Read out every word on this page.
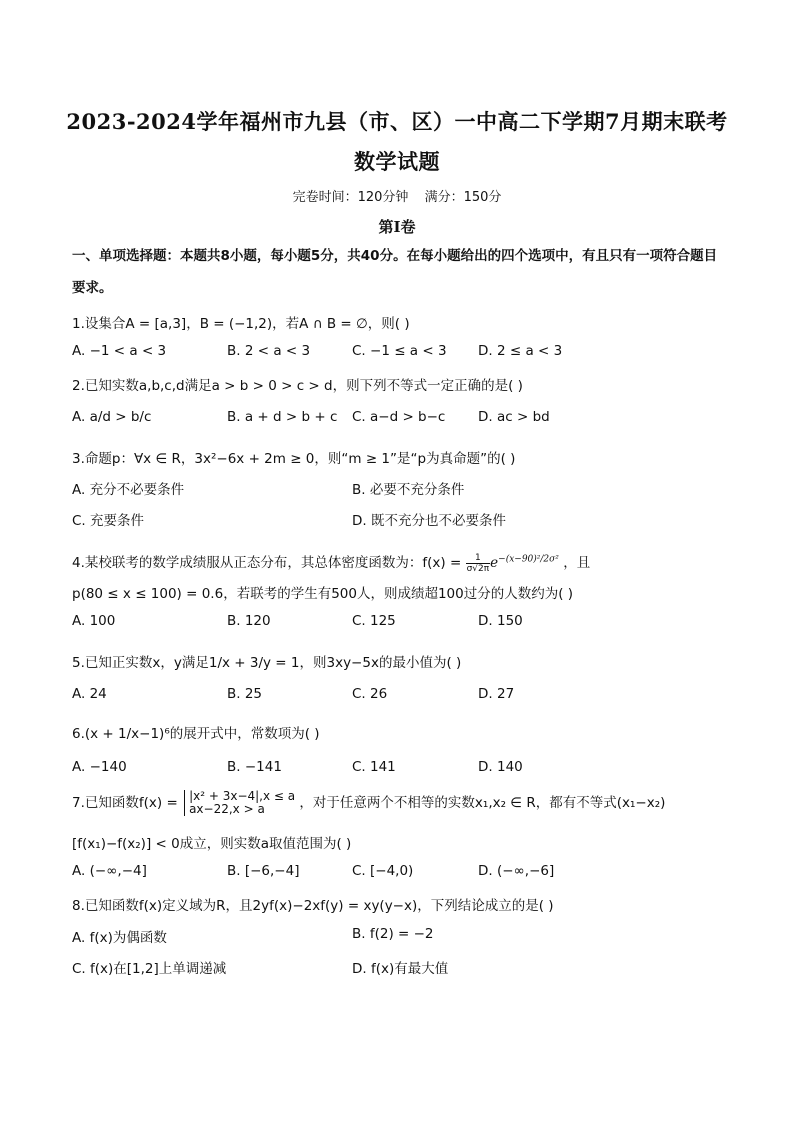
2023-2024学年福州市九县（市、区）一中高二下学期7月期末联考
数学试题
完卷时间：120分钟 满分：150分
第Ⅰ卷
一、单项选择题：本题共8小题，每小题5分，共40分。在每小题给出的四个选项中，有且只有一项符合题目要求。
1.设集合A = [a,3]，B = (−1,2)，若A ∩ B = ∅，则( )
A. −1 < a < 3	B. 2 < a < 3	C. −1 ≤ a < 3 D. 2 ≤ a < 3
2.已知实数a,b,c,d满足a > b > 0 > c > d，则下列不等式一定正确的是( )
A. a/d > b/c	B. a + d > b + c C. a−d > b−c D. ac > bd
3.命题p：∀x ∈ R，3x²−6x + 2m ≥ 0，则“m ≥ 1”是“p为真命题”的( )
A. 充分不必要条件	B. 必要不充分条件
C. 充要条件	D. 既不充分也不必要条件
4.某校联考的数学成绩服从正态分布，其总体密度函数为：$f(x) = \frac{1}{\sigma√2\pi} e^{-(x-90)^2/2\sigma^2}$ ，且
p(80 ≤ x ≤ 100) = 0.6，若联考的学生有500人，则成绩超100过分的人数约为( )
A. 100	B. 120	C. 125	D. 150
5.已知正实数x，y满足1/x + 3/y = 1，则3xy−5x的最小值为( )
A. 24	B. 25	C. 26	D. 27
6.(x + 1/x−1)⁶的展开式中，常数项为( )
A. −140	B. −141	C. 141	D. 140
7.已知函数f(x) = |x² + 3x−4|,x ≤ a
ax−22,x > a	，对于任意两个不相等的实数x₁,x₂ ∈ R，都有不等式(x₁−x₂)
[f(x₁)−f(x₂)] < 0成立，则实数a取值范围为( )
A. (−∞,−4]	B. [−6,−4]	C. [−4,0)	D. (−∞,−6]
8.已知函数f(x)定义域为R，且2yf(x)−2xf(y) = xy(y−x)，下列结论成立的是( )
A. f(x)为偶函数	B. f(2) = −2
C. f(x)在[1,2]上单调递减	D. f(x)有最大值
